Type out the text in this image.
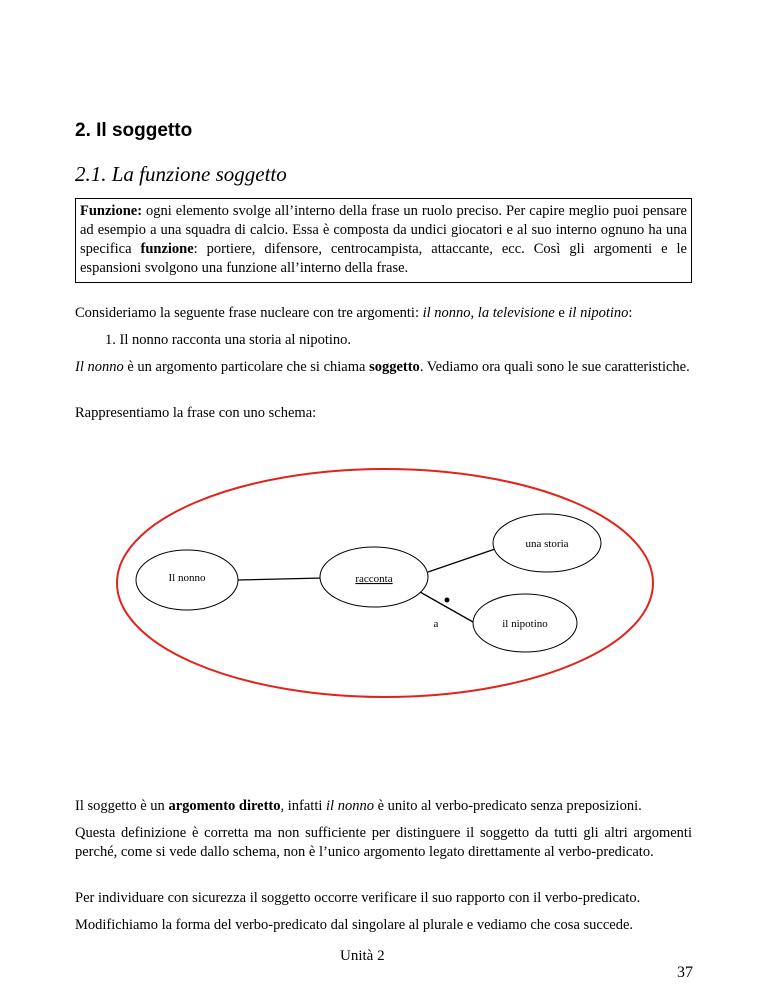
2. Il soggetto
2.1. La funzione soggetto

Funzione: ogni elemento svolge all’interno della frase un ruolo preciso. Per capire meglio puoi pensare ad esempio a una squadra di calcio. Essa è composta da undici giocatori e al suo interno ognuno ha una specifica funzione: portiere, difensore, centrocampista, attaccante, ecc. Così gli argomenti e le espansioni svolgono una funzione all’interno della frase.

Consideriamo la seguente frase nucleare con tre argomenti: il nonno, la televisione e il nipotino:

1. Il nonno racconta una storia al nipotino.

Il nonno è un argomento particolare che si chiama soggetto. Vediamo ora quali sono le sue caratteristiche.

Rappresentiamo la frase con uno schema:
Il nonno	racconta
una storia
il nipotino
a

Il soggetto è un argomento diretto, infatti il nonno è unito al verbo-predicato senza preposizioni.

Questa definizione è corretta ma non sufficiente per distinguere il soggetto da tutti gli altri argomenti perché, come si vede dallo schema, non è l’unico argomento legato direttamente al verbo-predicato.
Per individuare con sicurezza il soggetto occorre verificare il suo rapporto con il verbo-predicato.
Modifichiamo la forma del verbo-predicato dal singolare al plurale e vediamo che cosa succede.
Unità 2
37
